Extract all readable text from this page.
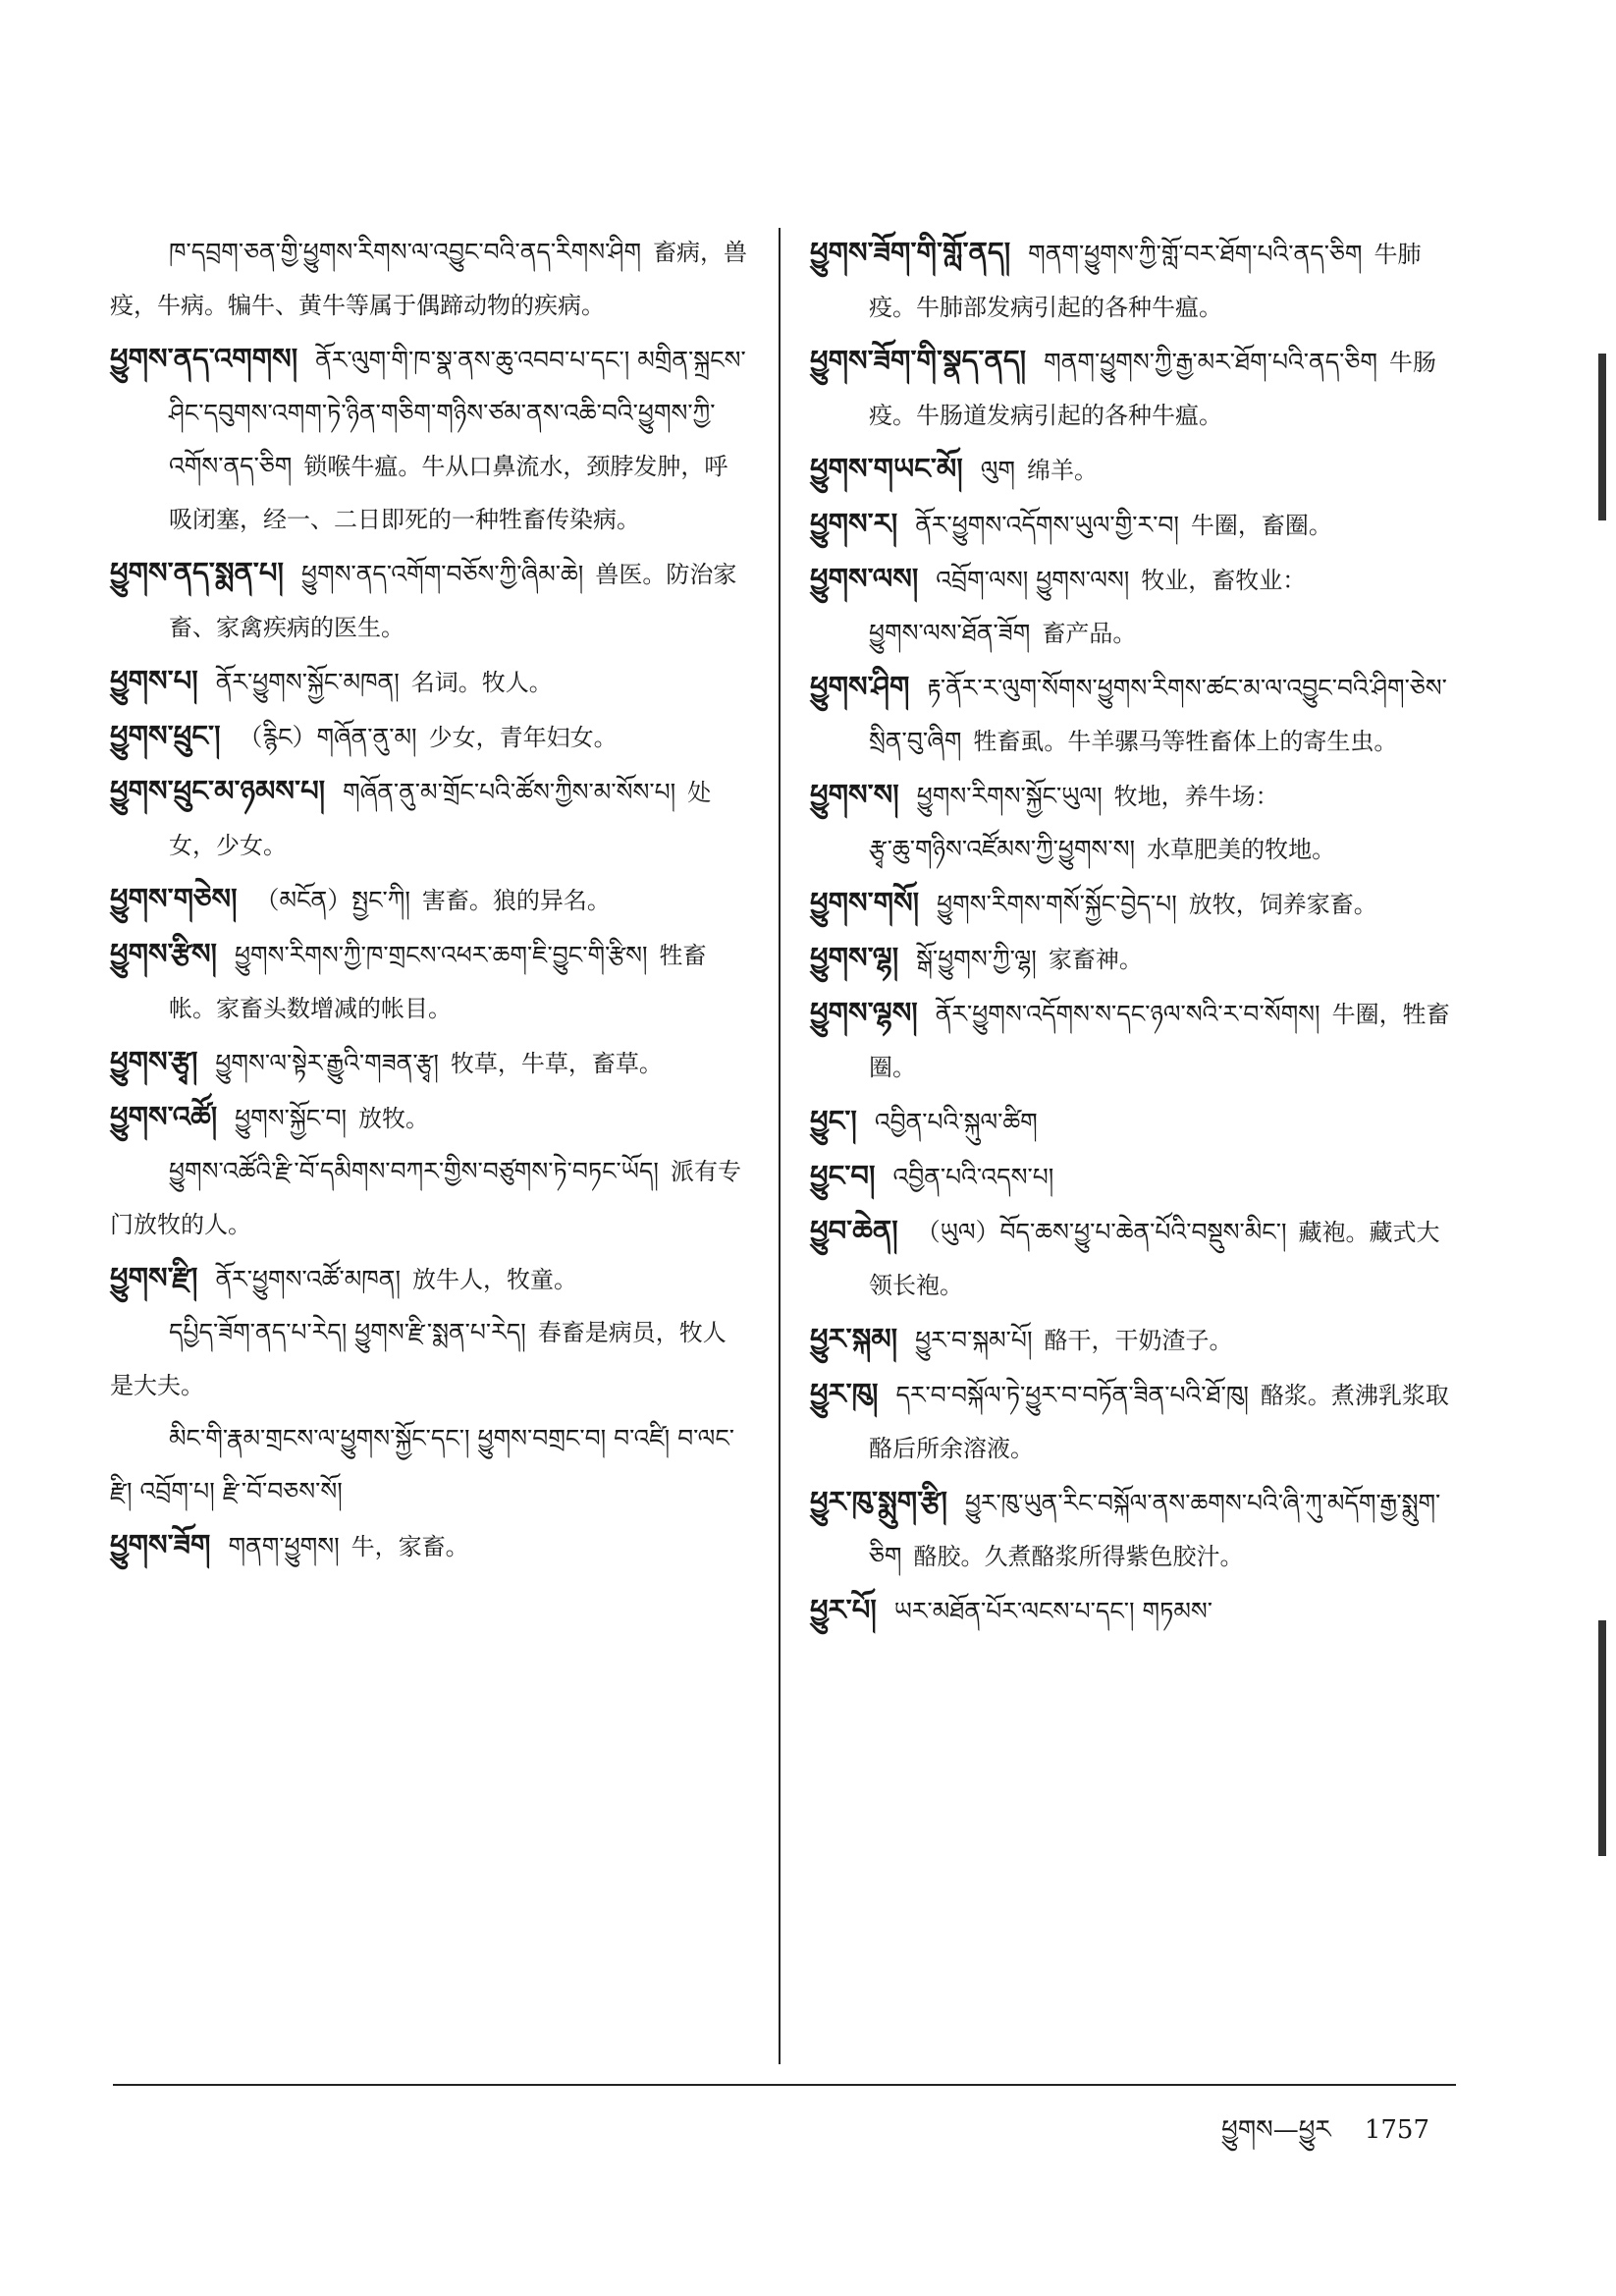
ཁ་དབྲག་ཅན་གྱི་ཕྱུགས་རིགས་ལ་འབྱུང་བའི་ནད་རིགས་ཤིག 畜病，兽疫，牛病。犏牛、黄牛等属于偶蹄动物的疾病。

ཕྱུགས་ནད་འགགས། ནོར་ལུག་གི་ཁ་སྣ་ནས་ཆུ་འབབ་པ་དང་། མགྲིན་སྐྲངས་ཤིང་དབུགས་འགག་ཏེ་ཉིན་གཅིག་གཉིས་ཙམ་ནས་འཆི་བའི་ཕྱུགས་ཀྱི་འགོས་ནད་ཅིག 锁喉牛瘟。牛从口鼻流水，颈脖发肿，呼吸闭塞，经一、二日即死的一种牲畜传染病。

ཕྱུགས་ནད་སྨན་པ། ཕྱུགས་ནད་འགོག་བཅོས་ཀྱི་ཞིམ་ཆེ། 兽医。防治家畜、家禽疾病的医生。

ཕྱུགས་པ། ནོར་ཕྱུགས་སྐྱོང་མཁན། 名词。牧人。

ཕྱུགས་ཕྲུང་། （རྙིང）གཞོན་ནུ་མ། 少女，青年妇女。

ཕྱུགས་ཕྲུང་མ་ཉམས་པ། གཞོན་ནུ་མ་གྲོང་པའི་ཚོས་ཀྱིས་མ་སོས་པ། 处女，少女。

ཕྱུགས་གཅེས། （མངོན）སྤྱང་ཀི། 害畜。狼的异名。

ཕྱུགས་རྩིས། ཕྱུགས་རིགས་ཀྱི་ཁ་གྲངས་འཕར་ཆག་ཇི་བྱུང་གི་རྩིས། 牲畜帐。家畜头数增减的帐目。

ཕྱུགས་རྩྭ། ཕྱུགས་ལ་སྟེར་རྒྱུའི་གཟན་རྩྭ། 牧草，牛草，畜草。

ཕྱུགས་འཚོ། ཕྱུགས་སྐྱོང་བ། 放牧。

ཕྱུགས་འཚོའི་རྫི་བོ་དམིགས་བཀར་གྱིས་བཙུགས་ཏེ་བཏང་ཡོད། 派有专门放牧的人。

ཕྱུགས་རྫི། ནོར་ཕྱུགས་འཚོ་མཁན། 放牛人，牧童。

དཔྱིད་ཟོག་ནད་པ་རེད། ཕྱུགས་རྫི་སྨན་པ་རེད། 春畜是病员，牧人是大夫。

མིང་གི་རྣམ་གྲངས་ལ་ཕྱུགས་སྐྱོང་དང་། ཕྱུགས་བགྲང་བ། བ་འཛི། བ་ལང་རྫི། འབྲོག་པ། རྫི་བོ་བཅས་སོ།

ཕྱུགས་ཟོག གནག་ཕྱུགས། 牛，家畜。

ཕྱུགས་ཟོག་གི་གློ་ནད། གནག་ཕྱུགས་ཀྱི་གློ་བར་ཐོག་པའི་ནད་ཅིག 牛肺疫。牛肺部发病引起的各种牛瘟。

ཕྱུགས་ཟོག་གི་སྣད་ནད། གནག་ཕྱུགས་ཀྱི་རྒྱ་མར་ཐོག་པའི་ནད་ཅིག 牛肠疫。牛肠道发病引起的各种牛瘟。

ཕྱུགས་གཡང་མོ། ལུག 绵羊。

ཕྱུགས་ར། ནོར་ཕྱུགས་འདོགས་ཡུལ་གྱི་ར་བ། 牛圈，畜圈。

ཕྱུགས་ལས། འབྲོག་ལས། ཕྱུགས་ལས། 牧业，畜牧业：

ཕྱུགས་ལས་ཐོན་ཟོག 畜产品。

ཕྱུགས་ཤིག རྟ་ནོར་ར་ལུག་སོགས་ཕྱུགས་རིགས་ཚང་མ་ལ་འབྱུང་བའི་ཤིག་ཅེས་སྲིན་བུ་ཞིག 牲畜虱。牛羊骡马等牲畜体上的寄生虫。

ཕྱུགས་ས། ཕྱུགས་རིགས་སྐྱོང་ཡུལ། 牧地，养牛场：

རྩྭ་ཆུ་གཉིས་འཛོམས་ཀྱི་ཕྱུགས་ས། 水草肥美的牧地。

ཕྱུགས་གསོ། ཕྱུགས་རིགས་གསོ་སྐྱོང་བྱེད་པ། 放牧，饲养家畜。

ཕྱུགས་ལྷ། སྒོ་ཕྱུགས་ཀྱི་ལྷ། 家畜神。

ཕྱུགས་ལྷས། ནོར་ཕྱུགས་འདོགས་ས་དང་ཉལ་སའི་ར་བ་སོགས། 牛圈，牲畜圈。

ཕྱུང་། འབྱིན་པའི་སྐུལ་ཚིག

ཕྱུང་བ། འབྱིན་པའི་འདས་པ།

ཕྱུབ་ཆེན། （ཡུལ）བོད་ཆས་ཕྱུ་པ་ཆེན་པོའི་བསྡུས་མིང་། 藏袍。藏式大领长袍。

ཕྱུར་སྐམ། ཕྱུར་བ་སྐམ་པོ། 酪干，干奶渣子。

ཕྱུར་ཁུ། དར་བ་བསྐོལ་ཏེ་ཕྱུར་བ་བཏོན་ཟིན་པའི་ཐོ་ཁུ། 酪浆。煮沸乳浆取酪后所余溶液。

ཕྱུར་ཁུ་སྨུག་རྩི། ཕྱུར་ཁུ་ཡུན་རིང་བསྐོལ་ནས་ཆགས་པའི་ཞི་ཀུ་མདོག་རྒྱ་སྨུག་ཅིག 酪胶。久煮酪浆所得紫色胶汁。

ཕྱུར་པོ། ཡར་མཐོན་པོར་ལངས་པ་དང་། གཏམས་

ཕྱུགས—ཕྱུར 1757
